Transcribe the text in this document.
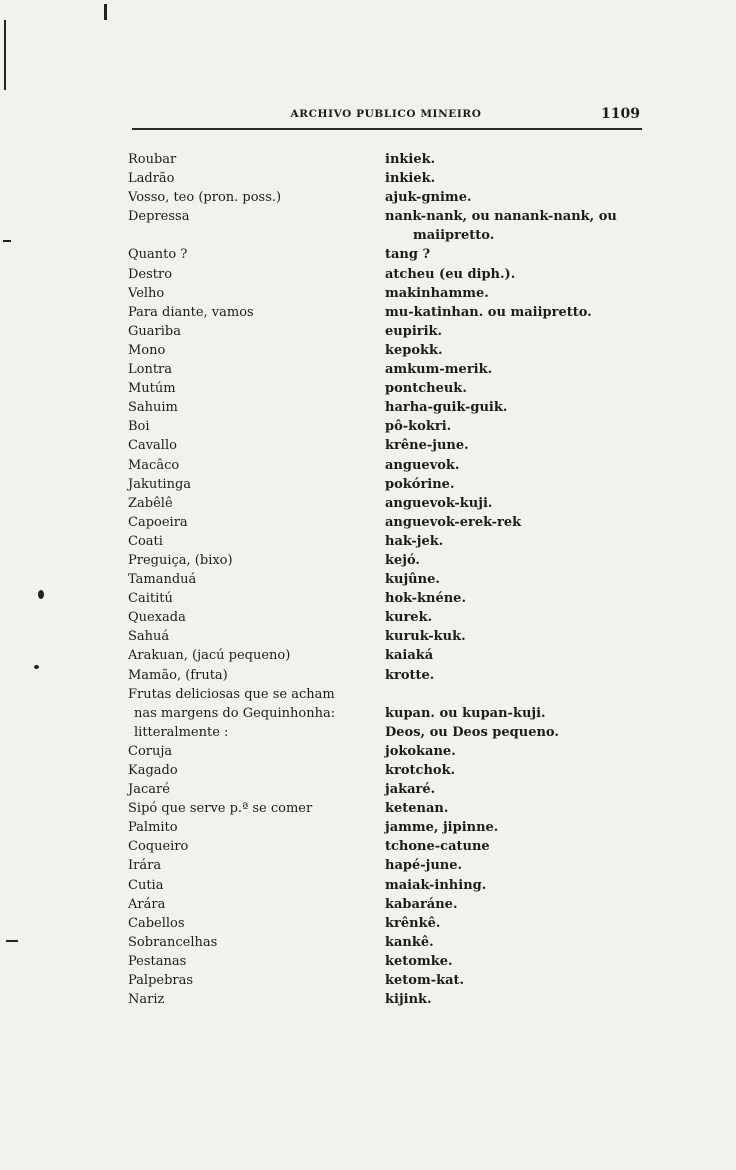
ARCHIVO PUBLICO MINEIRO	1109
Roubar	inkiek.
Ladrão	inkiek.
Vosso, teo (pron. poss.)	ajuk-gnime.
Depressa	nank-nank, ou nanank-nank, ou
maiipretto.
Quanto ?	tang ?
Destro	atcheu (eu diph.).
Velho	makinhamme.
Para diante, vamos	mu-katinhan. ou maiipretto.
Guariba	eupirik.
Mono	kepokk.
Lontra	amkum-merik.
Mutúm	pontcheuk.
Sahuim	harha-guik-guik.
Boi	pô-kokri.
Cavallo	krêne-june.
Macâco	anguevok.
Jakutinga	pokórine.
Zabêlê	anguevok-kuji.
Capoeira	anguevok-erek-rek
Coati	hak-jek.
Preguiça, (bixo)	kejó.
Tamanduá	kujûne.
Caititú	hok-knéne.
Quexada	kurek.
Sahuá	kuruk-kuk.
Arakuan, (jacú pequeno)	kaiaká
Mamão, (fruta)	krotte.
Frutas deliciosas que se acham
nas margens do Gequinhonha:	kupan. ou kupan-kuji.
litteralmente :	Deos, ou Deos pequeno.
Coruja	jokokane.
Kagado	krotchok.
Jacaré	jakaré.
Sipó que serve p.ª se comer	ketenan.
Palmito	jamme, jipinne.
Coqueiro	tchone-catune
Irára	hapé-june.
Cutia	maiak-inhing.
Arára	kabaráne.
Cabellos	krênkê.
Sobrancelhas	kankê.
Pestanas	ketomke.
Palpebras	ketom-kat.
Nariz	kijink.
